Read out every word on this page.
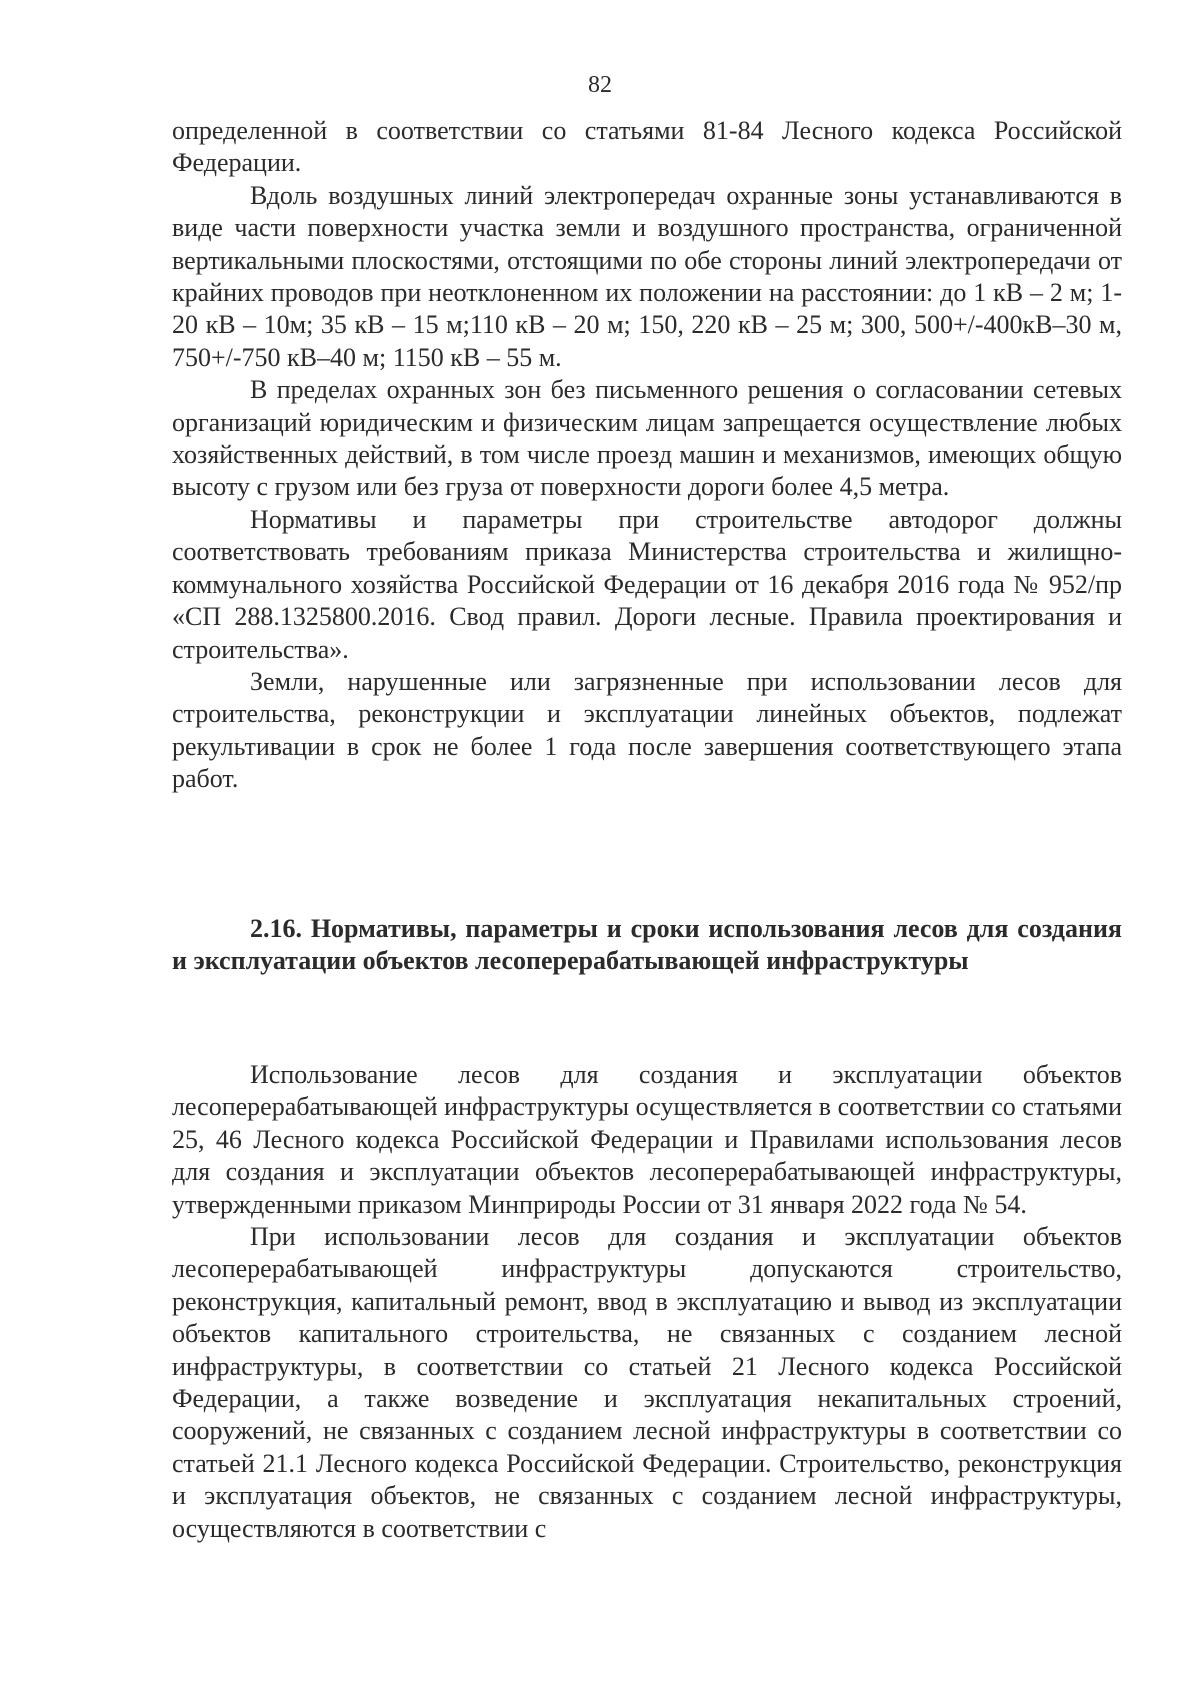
82

определенной в соответствии со статьями 81-84 Лесного кодекса Российской Федерации.

Вдоль воздушных линий электропередач охранные зоны устанавливаются в виде части поверхности участка земли и воздушного пространства, ограниченной вертикальными плоскостями, отстоящими по обе стороны линий электропередачи от крайних проводов при неотклоненном их положении на расстоянии: до 1 кВ – 2 м; 1-20 кВ – 10м; 35 кВ – 15 м;110 кВ – 20 м; 150, 220 кВ – 25 м; 300, 500+/-400кВ–30 м, 750+/-750 кВ–40 м; 1150 кВ – 55 м.

В пределах охранных зон без письменного решения о согласовании сетевых организаций юридическим и физическим лицам запрещается осуществление любых хозяйственных действий, в том числе проезд машин и механизмов, имеющих общую высоту с грузом или без груза от поверхности дороги более 4,5 метра.

Нормативы и параметры при строительстве автодорог должны соответствовать требованиям приказа Министерства строительства и жилищно-коммунального хозяйства Российской Федерации от 16 декабря 2016 года № 952/пр «СП 288.1325800.2016. Свод правил. Дороги лесные. Правила проектирования и строительства».

Земли, нарушенные или загрязненные при использовании лесов для строительства, реконструкции и эксплуатации линейных объектов, подлежат рекультивации в срок не более 1 года после завершения соответствующего этапа работ.

2.16. Нормативы, параметры и сроки использования лесов для создания и эксплуатации объектов лесоперерабатывающей инфраструктуры

Использование лесов для создания и эксплуатации объектов лесоперерабатывающей инфраструктуры осуществляется в соответствии со статьями 25, 46 Лесного кодекса Российской Федерации и Правилами использования лесов для создания и эксплуатации объектов лесоперерабатывающей инфраструктуры, утвержденными приказом Минприроды России от 31 января 2022 года № 54.

При использовании лесов для создания и эксплуатации объектов лесоперерабатывающей инфраструктуры допускаются строительство, реконструкция, капитальный ремонт, ввод в эксплуатацию и вывод из эксплуатации объектов капитального строительства, не связанных с созданием лесной инфраструктуры, в соответствии со статьей 21 Лесного кодекса Российской Федерации, а также возведение и эксплуатация некапитальных строений, сооружений, не связанных с созданием лесной инфраструктуры в соответствии со статьей 21.1 Лесного кодекса Российской Федерации. Строительство, реконструкция и эксплуатация объектов, не связанных с созданием лесной инфраструктуры, осуществляются в соответствии с
